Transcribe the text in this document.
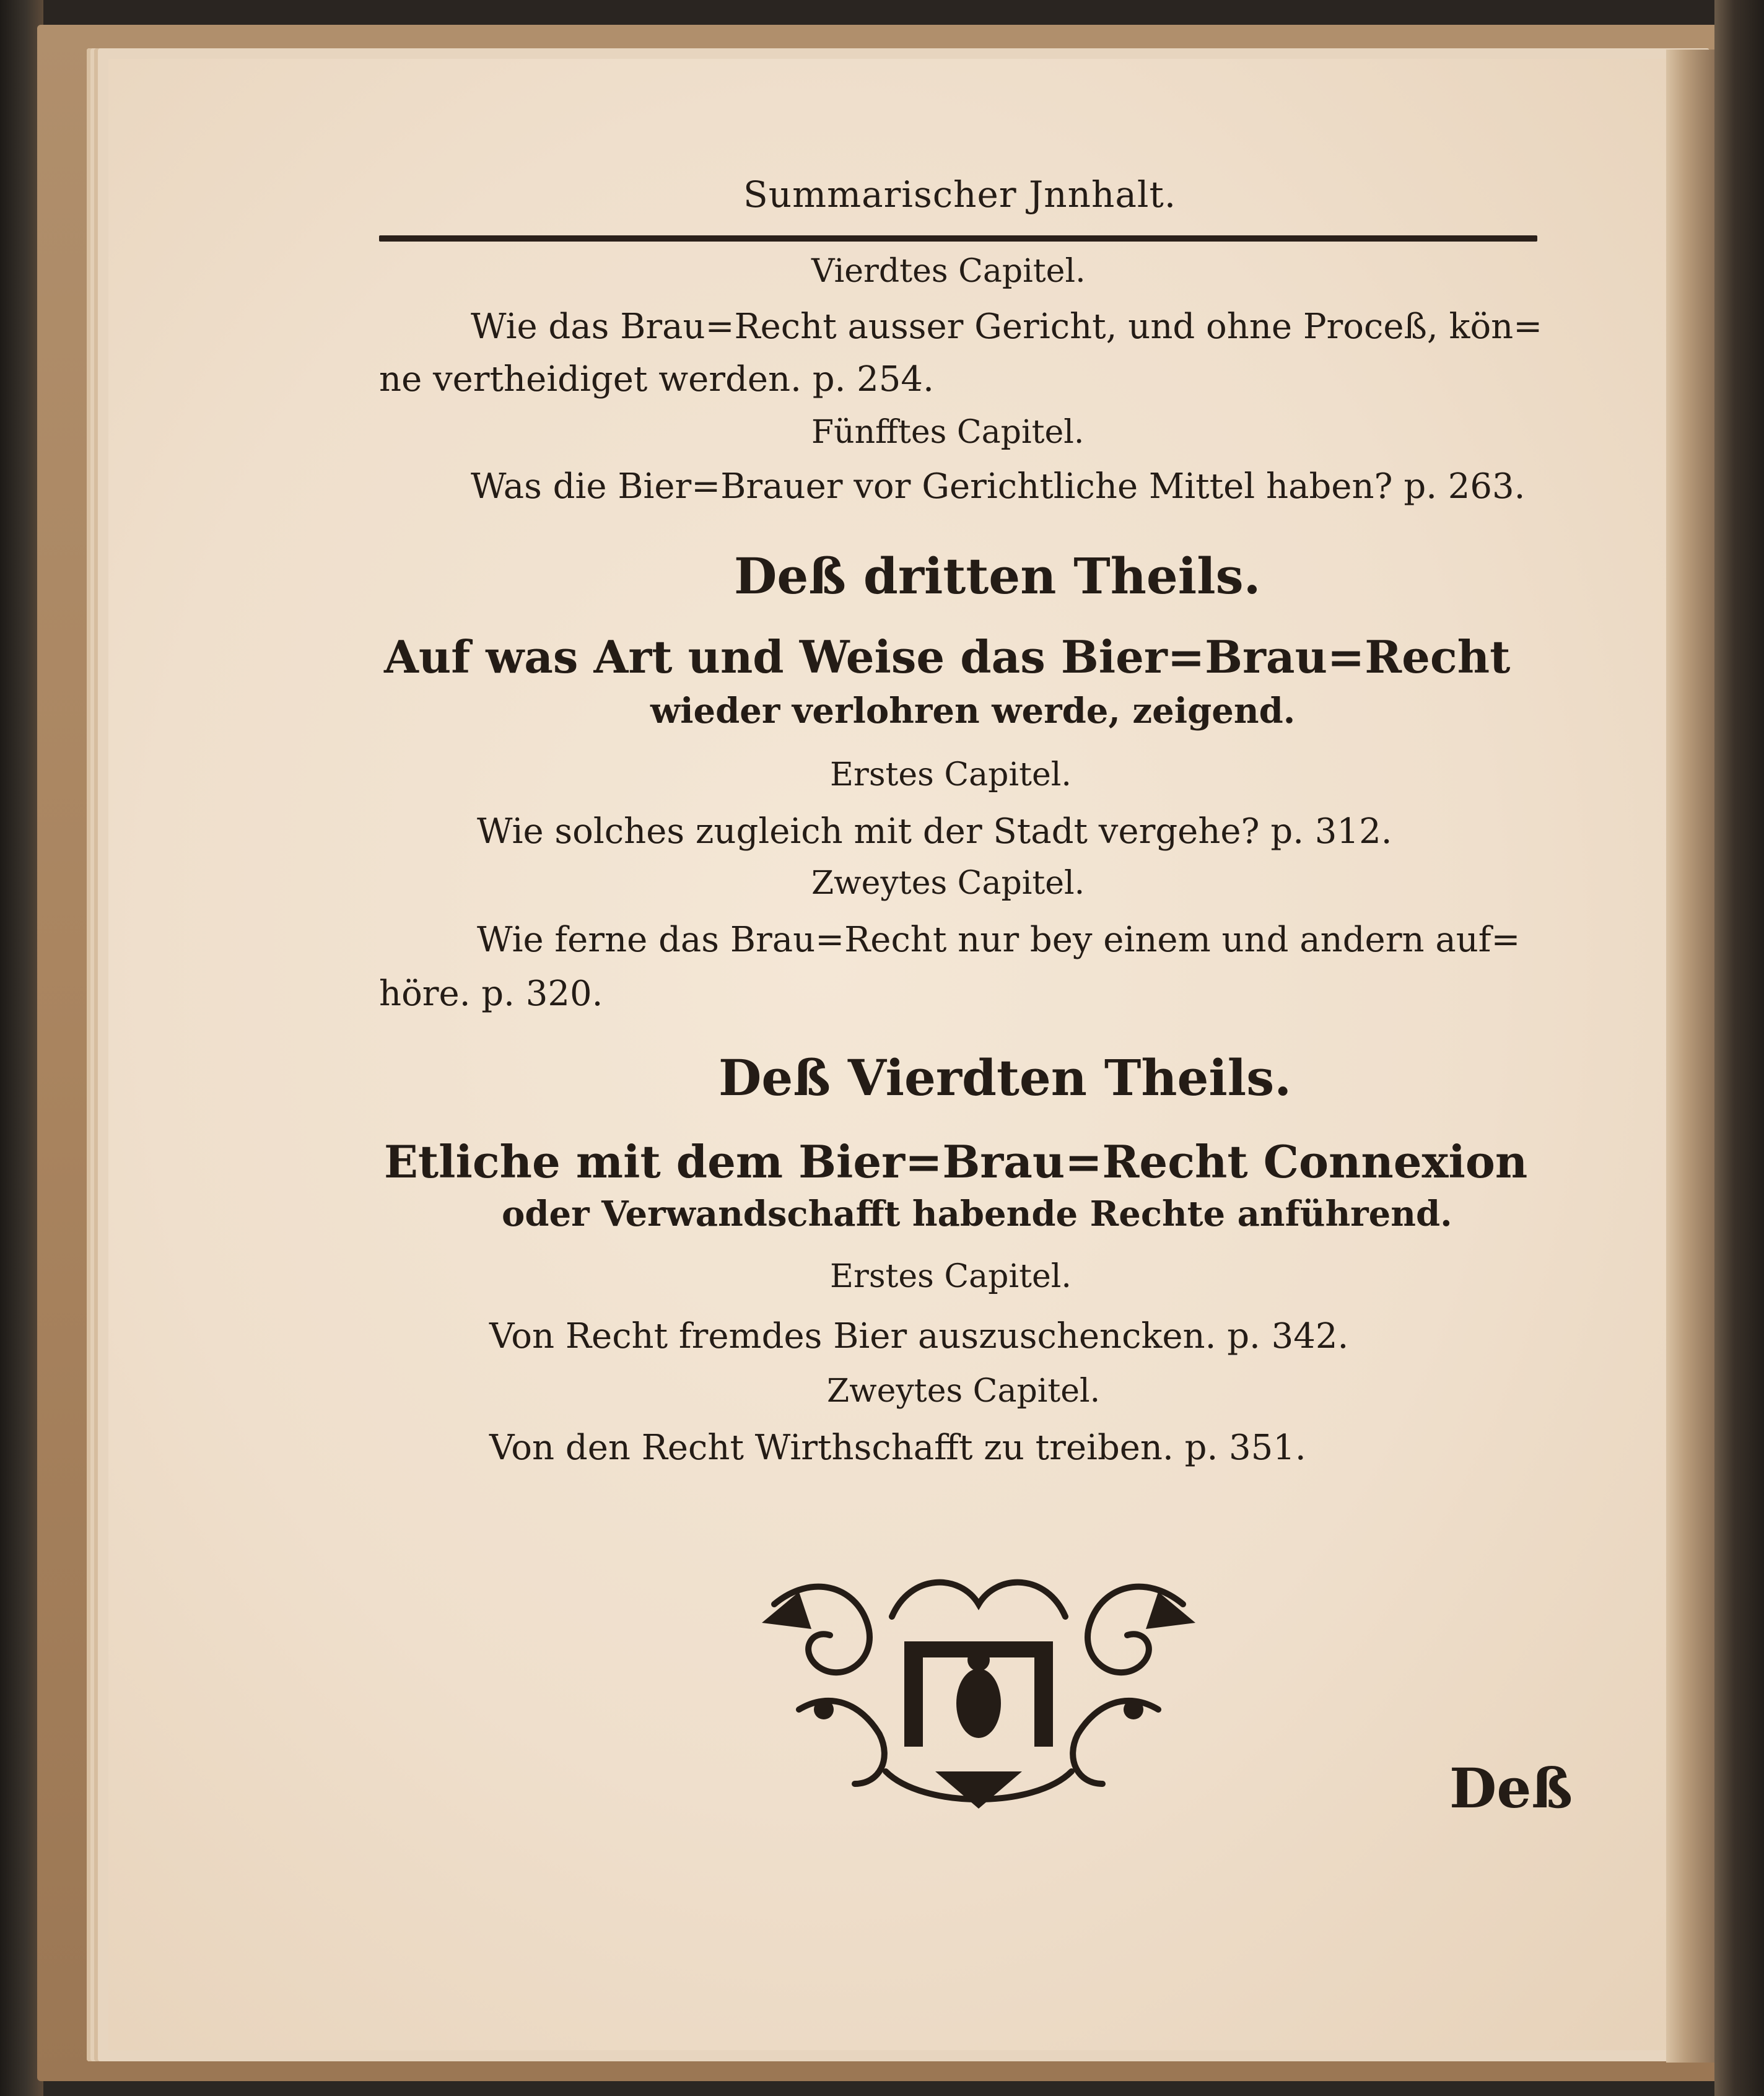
Summarischer Jnnhalt.
Vierdtes Capitel.
Wie das Brau=Recht ausser Gericht, und ohne Proceß, kön=
ne vertheidiget werden. p. 254.
Fünfftes Capitel.
Was die Bier=Brauer vor Gerichtliche Mittel haben? p. 263.
Deß dritten Theils.
Auf was Art und Weise das Bier=Brau=Recht
wieder verlohren werde, zeigend.
Erstes Capitel.
Wie solches zugleich mit der Stadt vergehe? p. 312.
Zweytes Capitel.
Wie ferne das Brau=Recht nur bey einem und andern auf=
höre. p. 320.
Deß Vierdten Theils.
Etliche mit dem Bier=Brau=Recht Connexion
oder Verwandschafft habende Rechte anführend.
Erstes Capitel.
Von Recht fremdes Bier auszuschencken. p. 342.
Zweytes Capitel.
Von den Recht Wirthschafft zu treiben. p. 351.
Deß
